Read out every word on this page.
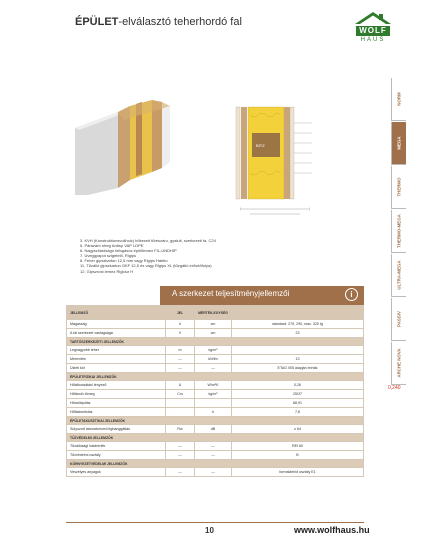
ÉPÜLET-elválasztó teherhordó fal
WOLF
HAUS
BITZ
3. KVH (Konstruktionsvollholz) hőkezelt fűrészáru, gyalult, szerkezeti fa, C24
5. Párazáró réteg Ardisp VAP LDPE
6. Nagyszilárdságú fafogásos építőlemez FIL-UNDHIP
7. Üveggyapot szigetelő, Rigips
8. Fehér gipszkarton 12,5 mm vagy Rigips Habito
11. Tűzálló gipszkarton GKF 12,5 és vagy Rigips XL (tűzgátló erősítőfolya)
12. Gipszrost lemez Rigidur H
A szerkezet teljesítményjellemzői	i
JELLEMZŐ	JEL	MÉRTÉK-EGYSÉG	
Magasság	h	cm	standard: 279, 290, max. 320 fg
A fal szerkezet vastagsága	V	cm	23
TARTÓSZERKEZETI JELLEMZŐK			
Legnagyobb teher	m	kg/m²	
Merevítés	—	kN/fm	13
Üzleti kör	—	—	ETAG 005 alapján leírtak
ÉPÜLETFIZIKAI JELLEMZŐK			
Hőátbocsátási tényező	U	W/m²K	0,26
Hőtároló tömeg	Cm	kg/m²	25/37
Hőcsillapítás			68,91
Hőfáziseltolás		h	7,6
ÉPÜLETAKUSZTIKAI JELLEMZŐK			
Súlyozott laboratóriumi léghanggátlás	Rw	dB	≥ 64
TŰZVÉDELMI JELLEMZŐK			
Tűzállósági határérték	—	—	REI 60
Tűzvédelmi osztály	—	—	B
KÖRNYEZETVÉDELMI JELLEMZŐK			
Veszélyes anyagok	—	—	formaldehid osztály E1
NORM
MEGA
THERMO
THERMO-MEGA
ULTRA-MEGA
PASSIV
ARCHE NOVA
0,240
10	www.wolfhaus.hu
